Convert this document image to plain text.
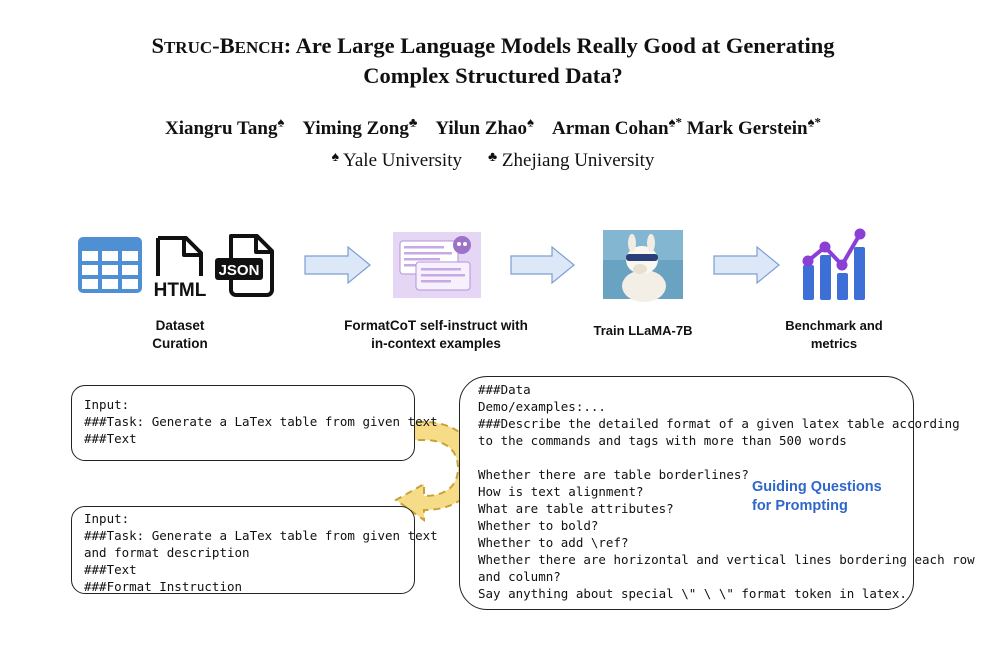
STRUC-BENCH: Are Large Language Models Really Good at Generating
Complex Structured Data?
Xiangru Tang♠ Yiming Zong♣ Yilun Zhao♠ Arman Cohan♠* Mark Gerstein♠*
♠ Yale University ♣ Zhejiang University
HTML
JSON
Dataset
Curation
FormatCoT self-instruct with
in-context examples
Train LLaMA-7B	Benchmark and
metrics
Input:
###Task: Generate a LaTex table from given text
###Text
Input:
###Task: Generate a LaTex table from given text
and format description
###Text
###Format Instruction
###Data
Demo/examples:...
###Describe the detailed format of a given latex table according
to the commands and tags with more than 500 words
Whether there are table borderlines?
How is text alignment?
What are table attributes?
Whether to bold?
Whether to add \ref?
Whether there are horizontal and vertical lines bordering each row
and column?
Say anything about special \" \ \" format token in latex.
Guiding Questions
for Prompting
